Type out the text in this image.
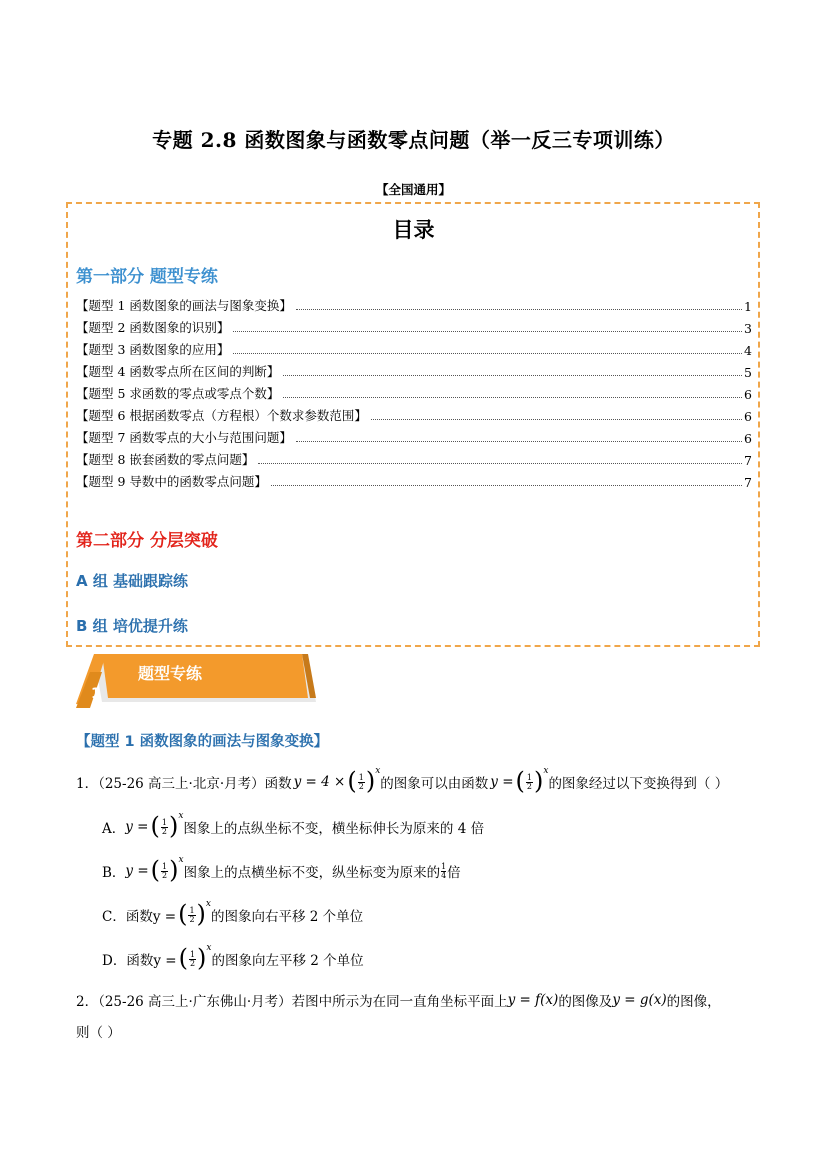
专题 2.8 函数图象与函数零点问题（举一反三专项训练）
【全国通用】
目录
第一部分 题型专练
【题型 1 函数图象的画法与图象变换】	1
【题型 2 函数图象的识别】	3
【题型 3 函数图象的应用】	4
【题型 4 函数零点所在区间的判断】	5
【题型 5 求函数的零点或零点个数】	6
【题型 6 根据函数零点（方程根）个数求参数范围】	6
【题型 7 函数零点的大小与范围问题】	6
【题型 8 嵌套函数的零点问题】	7
【题型 9 导数中的函数零点问题】	7
第二部分 分层突破
A 组 基础跟踪练
B 组 培优提升练
题型专练
1
【题型 1 函数图象的画法与图象变换】
1．（25-26 高三上·北京·月考）函数 y = 4 × ( $\frac{1}{2}$ ) x
的图象可以由函数 y = ( $\frac{1}{2}$ ) x
的图象经过以下变换得到（ ）
A． y = ( $\frac{1}{2}$ ) x
图象上的点纵坐标不变，横坐标伸长为原来的 4 倍
B． y = ( $\frac{1}{2}$ ) x
图象上的点横坐标不变，纵坐标变为原来的 $\frac{1}{4}$ 倍
C． 函数y = ( $\frac{1}{2}$ ) x
的图象向右平移 2 个单位
D． 函数y = ( $\frac{1}{2}$ ) x
的图象向左平移 2 个单位
2．（25-26 高三上·广东佛山·月考）若图中所示为在同一直角坐标平面上 y = f(x) 的图像及 y = g(x) 的图像，
则（ ）
